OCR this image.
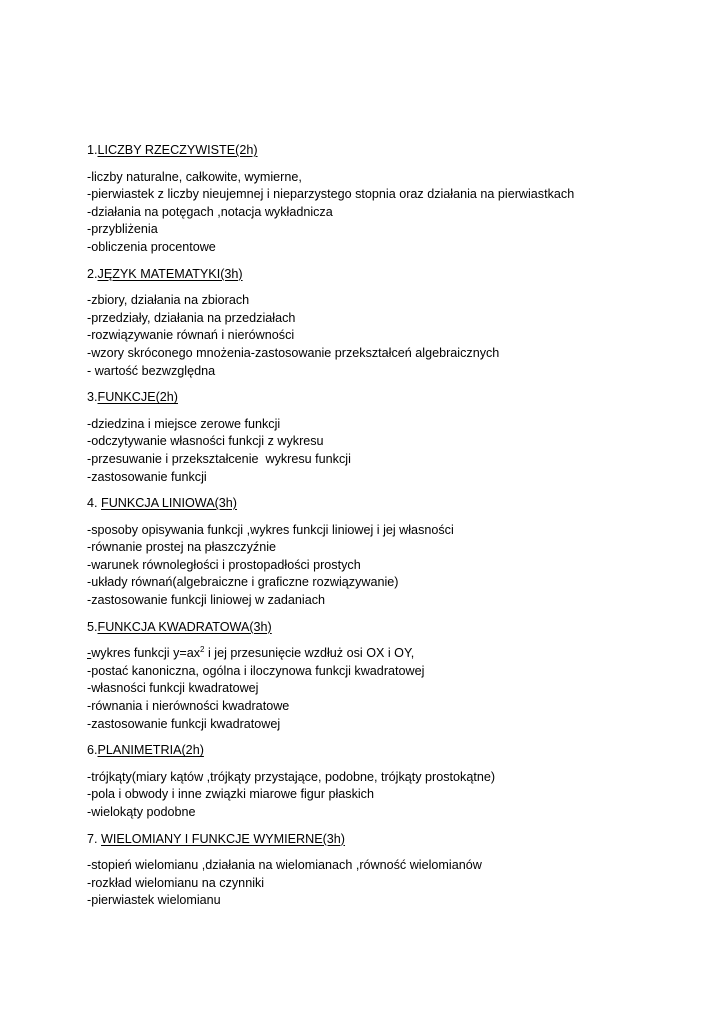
1.LICZBY RZECZYWISTE(2h)
-liczby naturalne, całkowite, wymierne,
-pierwiastek z liczby nieujemnej i nieparzystego stopnia oraz działania na pierwiastkach
-działania na potęgach ,notacja wykładnicza
-przybliżenia
-obliczenia procentowe
2.JĘZYK MATEMATYKI(3h)
-zbiory, działania na zbiorach
-przedziały, działania na przedziałach
-rozwiązywanie równań i nierówności
-wzory skróconego mnożenia-zastosowanie przekształceń algebraicznych
- wartość bezwzględna
3.FUNKCJE(2h)
-dziedzina i miejsce zerowe funkcji
-odczytywanie własności funkcji z wykresu
-przesuwanie i przekształcenie  wykresu funkcji
-zastosowanie funkcji
4. FUNKCJA LINIOWA(3h)
-sposoby opisywania funkcji ,wykres funkcji liniowej i jej własności
-równanie prostej na płaszczyźnie
-warunek równoległości i prostopadłości prostych
-układy równań(algebraiczne i graficzne rozwiązywanie)
-zastosowanie funkcji liniowej w zadaniach
5.FUNKCJA KWADRATOWA(3h)
-wykres funkcji $y=ax^2$ i jej przesunięcie wzdłuż osi OX i OY,
-postać kanoniczna, ogólna i iloczynowa funkcji kwadratowej
-własności funkcji kwadratowej
-równania i nierówności kwadratowe
-zastosowanie funkcji kwadratowej
6.PLANIMETRIA(2h)
-trójkąty(miary kątów ,trójkąty przystające, podobne, trójkąty prostokątne)
-pola i obwody i inne związki miarowe figur płaskich
-wielokąty podobne
7. WIELOMIANY I FUNKCJE WYMIERNE(3h)
-stopień wielomianu ,działania na wielomianach ,równość wielomianów
-rozkład wielomianu na czynniki
-pierwiastek wielomianu
